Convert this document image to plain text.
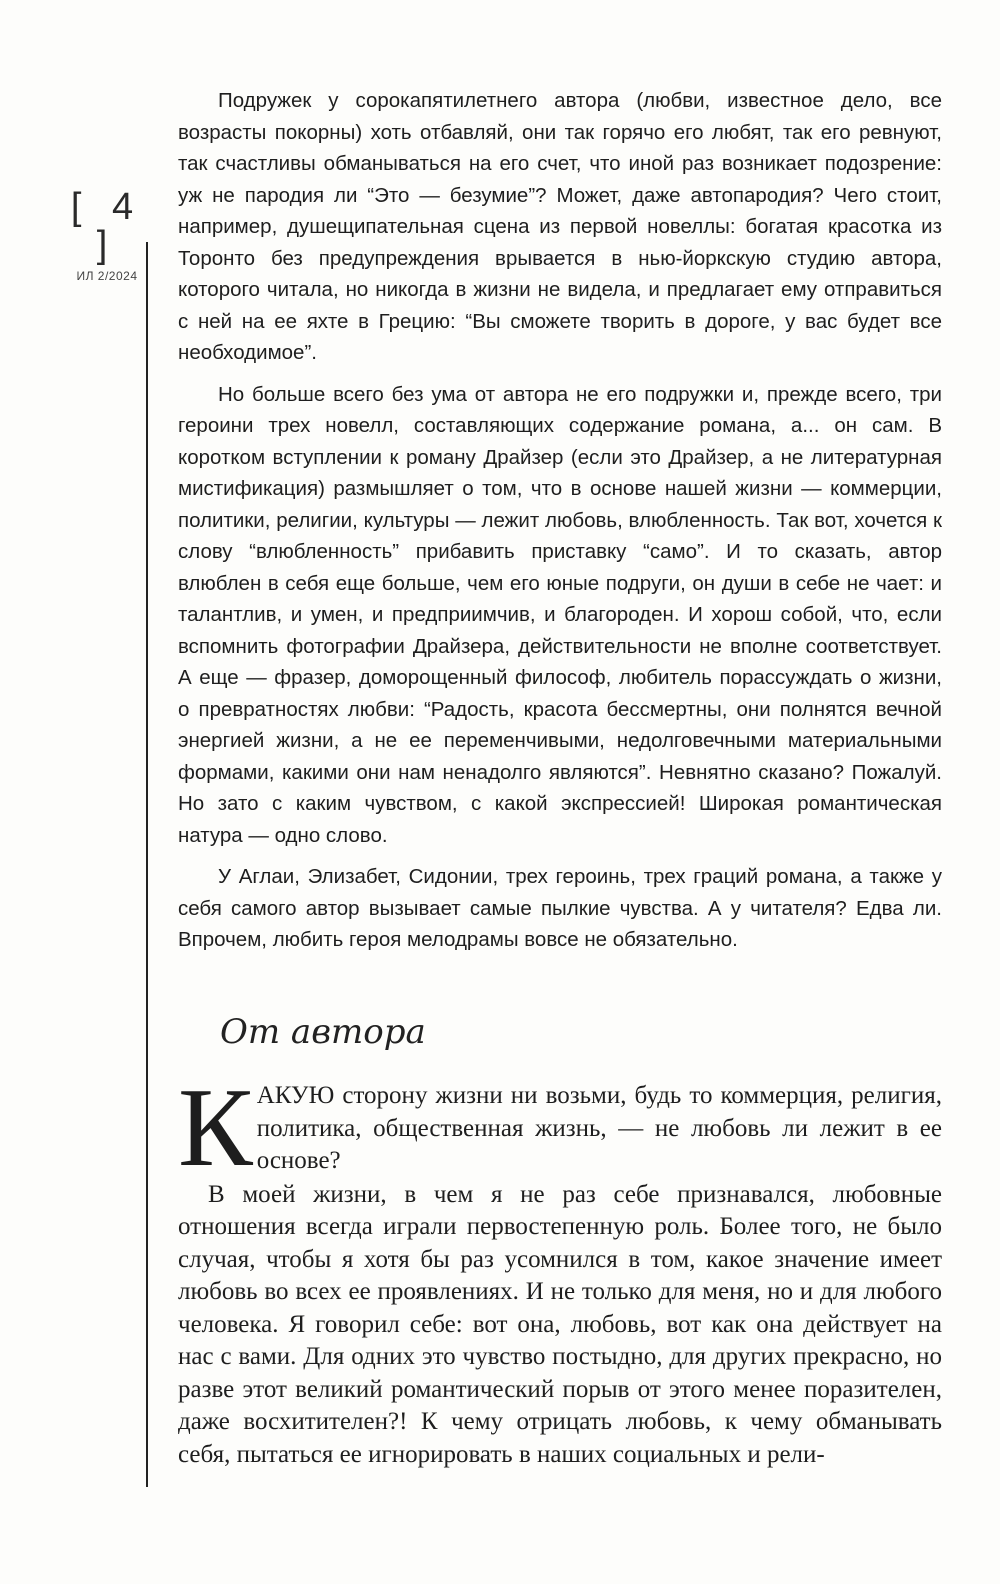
[ 4 ]
ИЛ 2/2024

Подружек у сорокапятилетнего автора (любви, известное дело, все возрасты покорны) хоть отбавляй, они так горячо его любят, так его ревнуют, так счастливы обманываться на его счет, что иной раз возникает подозрение: уж не пародия ли “Это — безумие”? Может, даже автопародия? Чего стоит, например, душещипательная сцена из первой новеллы: богатая красотка из Торонто без предупреждения врывается в нью-йоркскую студию автора, которого читала, но никогда в жизни не видела, и предлагает ему отправиться с ней на ее яхте в Грецию: “Вы сможете творить в дороге, у вас будет все необходимое”.

Но больше всего без ума от автора не его подружки и, прежде всего, три героини трех новелл, составляющих содержание романа, а... он сам. В коротком вступлении к роману Драйзер (если это Драйзер, а не литературная мистификация) размышляет о том, что в основе нашей жизни — коммерции, политики, религии, культуры — лежит любовь, влюбленность. Так вот, хочется к слову “влюбленность” прибавить приставку “само”. И то сказать, автор влюблен в себя еще больше, чем его юные подруги, он души в себе не чает: и талантлив, и умен, и предприимчив, и благороден. И хорош собой, что, если вспомнить фотографии Драйзера, действительности не вполне соответствует. А еще — фразер, доморощенный философ, любитель порассуждать о жизни, о превратностях любви: “Радость, красота бессмертны, они полнятся вечной энергией жизни, а не ее переменчивыми, недолговечными материальными формами, какими они нам ненадолго являются”. Невнятно сказано? Пожалуй. Но зато с каким чувством, с какой экспрессией! Широкая романтическая натура — одно слово.

У Аглаи, Элизабет, Сидонии, трех героинь, трех граций романа, а также у себя самого автор вызывает самые пылкие чувства. А у читателя? Едва ли. Впрочем, любить героя мелодрамы вовсе не обязательно.

От автора

К АКУЮ сторону жизни ни возьми, будь то коммерция, религия, политика, общественная жизнь, — не любовь ли лежит в ее основе?

В моей жизни, в чем я не раз себе признавался, любовные отношения всегда играли первостепенную роль. Более того, не было случая, чтобы я хотя бы раз усомнился в том, какое значение имеет любовь во всех ее проявлениях. И не только для меня, но и для любого человека. Я говорил себе: вот она, любовь, вот как она действует на нас с вами. Для одних это чувство постыдно, для других прекрасно, но разве этот великий романтический порыв от этого менее поразителен, даже восхитителен?! К чему отрицать любовь, к чему обманывать себя, пытаться ее игнорировать в наших социальных и рели-
